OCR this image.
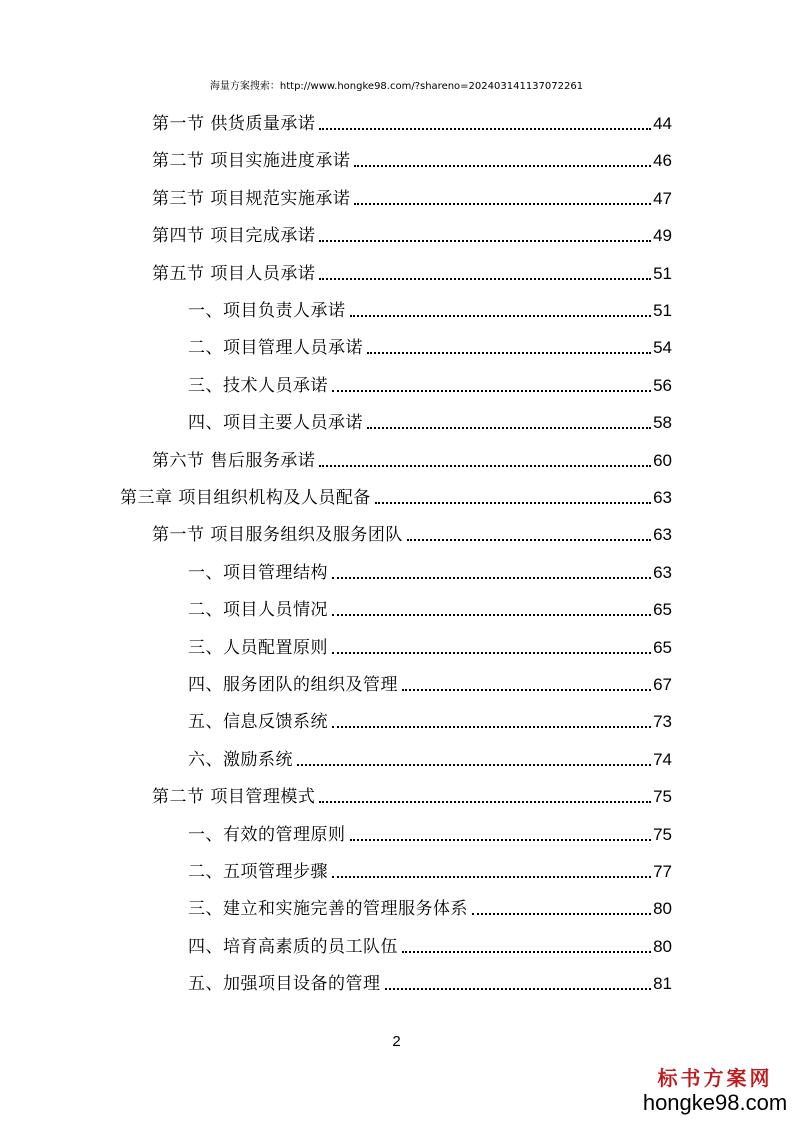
海量方案搜索：http://www.hongke98.com/?shareno=20240314113707226​1
第一节 供货质量承诺	44
第二节 项目实施进度承诺	46
第三节 项目规范实施承诺	47
第四节 项目完成承诺	49
第五节 项目人员承诺	51
一、项目负责人承诺	51
二、项目管理人员承诺	54
三、技术人员承诺	56
四、项目主要人员承诺	58
第六节 售后服务承诺	60
第三章 项目组织机构及人员配备	63
第一节 项目服务组织及服务团队	63
一、项目管理结构	63
二、项目人员情况	65
三、人员配置原则	65
四、服务团队的组织及管理	67
五、信息反馈系统	73
六、激励系统	74
第二节 项目管理模式	75
一、有效的管理原则	75
二、五项管理步骤	77
三、建立和实施完善的管理服务体系	80
四、培育高素质的员工队伍	80
五、加强项目设备的管理	81
2
标书方案网
hongke98.com
